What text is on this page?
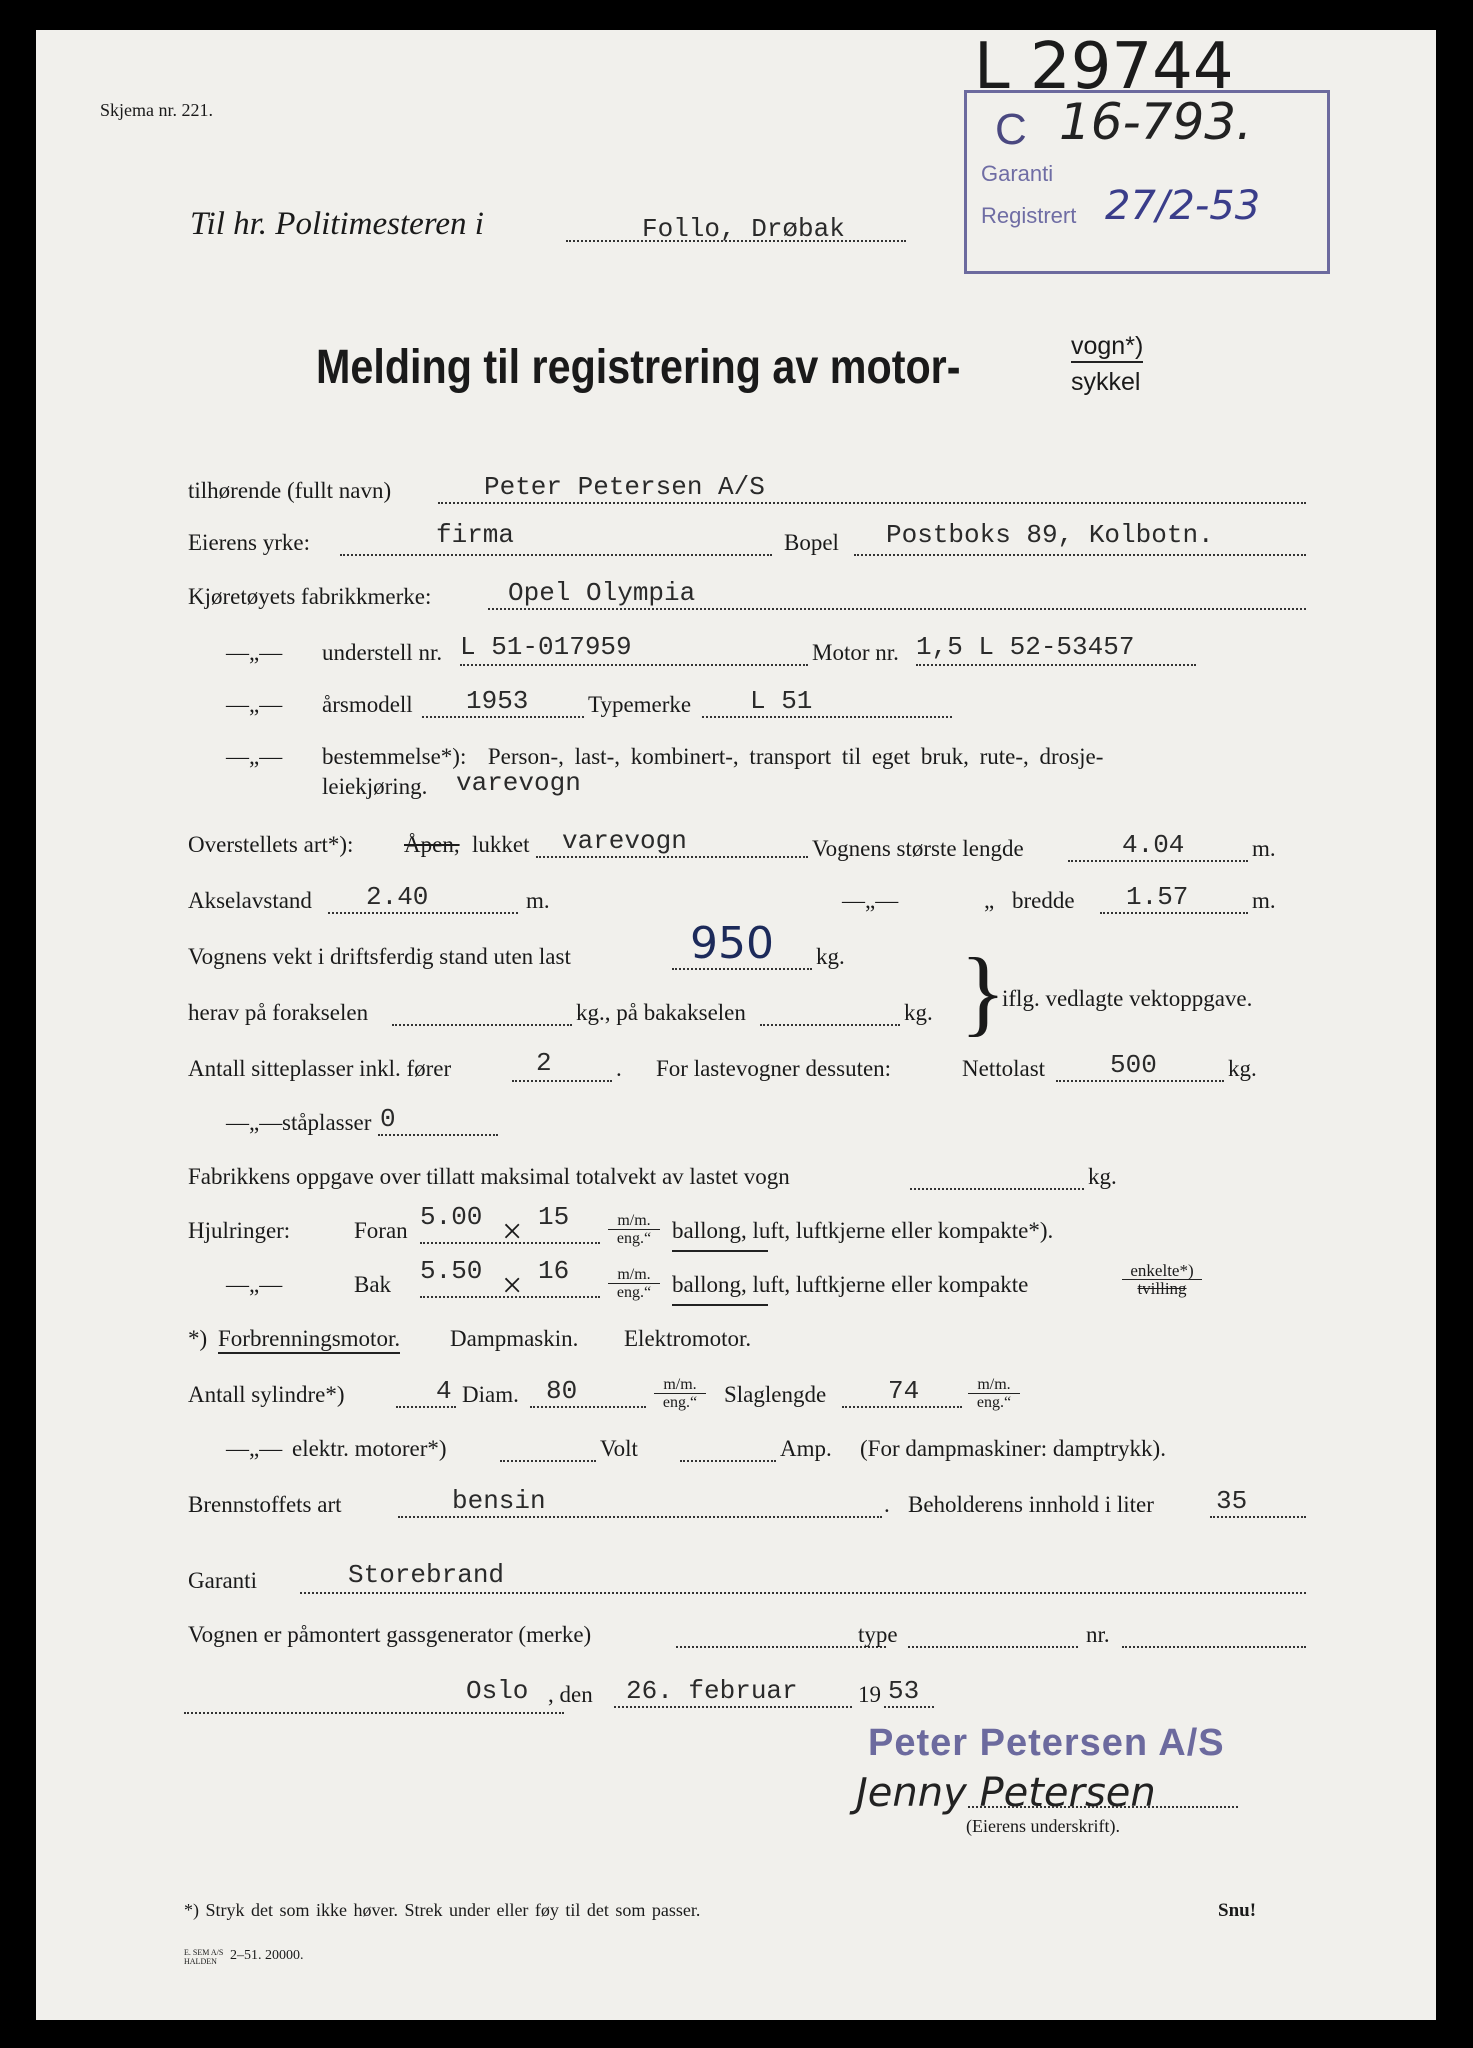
Skjema nr. 221.
L 29744
C 16-793.
Garanti
Registrert 27/2-53
Til hr. Politimesteren i	Follo, Drøbak
Melding til registrering av motor-	vogn*)
sykkel
tilhørende (fullt navn)	Peter Petersen A/S
Eierens yrke:	firma	Bopel Postboks 89, Kolbotn.
Kjøretøyets fabrikkmerke:	Opel Olympia
—„— understell nr. L 51-017959	Motor nr. 1,5 L 52-53457
—„— årsmodell 1953	Typemerke L 51
—„— bestemmelse*): Person-, last-, kombinert-, transport til eget bruk, rute-, drosje-
leiekjøring. varevogn
Overstellets art*): Åpen, lukket varevogn	Vognens største lengde	4.04	m.
Akselavstand 2.40	m.	—„—	„ bredde 1.57	m.
Vognens vekt i driftsferdig stand uten last	950 kg.
herav på forakselen	kg., på bakakselen	kg. }
iflg. vedlagte vektoppgave.
Antall sitteplasser inkl. fører	2	. For lastevogner dessuten:	Nettolast 500	kg.
—„— ståplasser 0
Fabrikkens oppgave over tillatt maksimal totalvekt av lastet vogn	kg.
Hjulringer:	Foran 5.00 × 15	m/m.
eng.“ ballong, luft, luftkjerne eller kompakte*).
—„—	Bak 5.50 × 16	m/m.
eng.“ ballong, luft, luftkjerne eller kompakte
enkelte*)
tvilling
*) Forbrenningsmotor. Dampmaskin. Elektromotor.
Antall sylindre*)	4 Diam. 80	m/m.
eng.“	Slaglengde 74	m/m.
eng.“
—„— elektr. motorer*)	Volt	Amp. (For dampmaskiner: damptrykk).
Brennstoffets art	bensin	. Beholderens innhold i liter 35
Garanti	Storebrand
Vognen er påmontert gassgenerator (merke)	type	nr.
Oslo , den 26. februar	19 53
Peter Petersen A/S
Jenny Petersen
(Eierens underskrift).
*) Stryk det som ikke høver. Strek under eller føy til det som passer.	Snu!
E. SEM A/S HALDEN 2–51. 20000.
